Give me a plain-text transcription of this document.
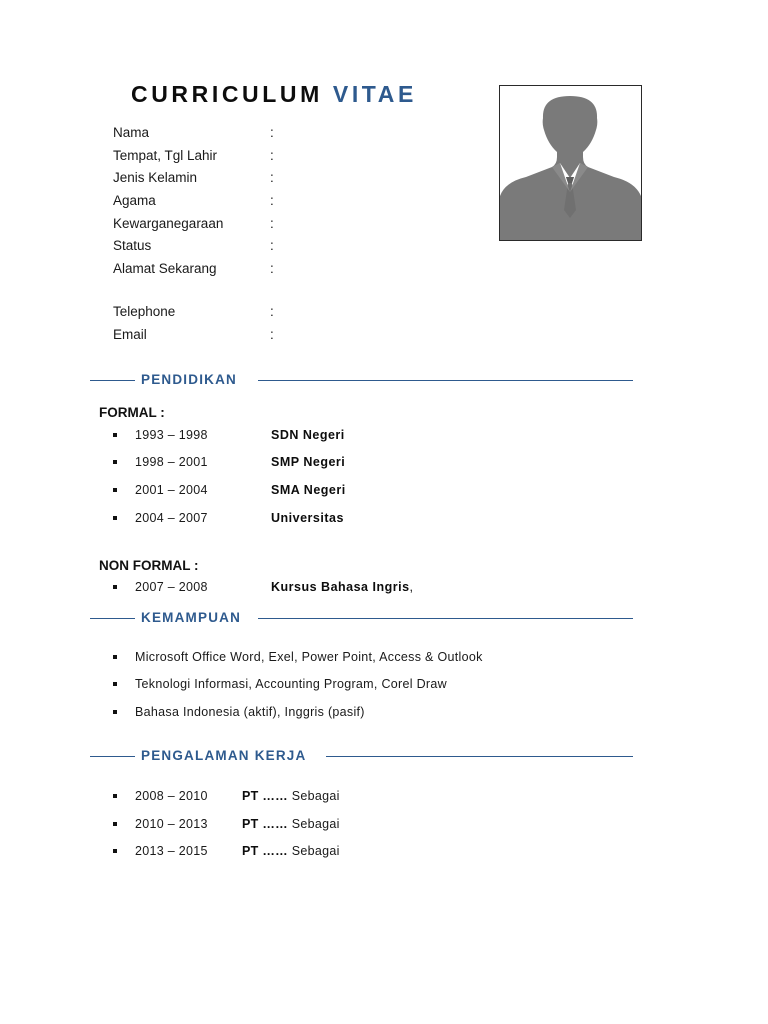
CURRICULUM VITAE
Nama	:
Tempat, Tgl Lahir	:
Jenis Kelamin	:
Agama	:
Kewarganegaraan	:
Status	:
Alamat Sekarang	:
Telephone	:
Email	:
PENDIDIKAN
FORMAL :
1993 – 1998	SDN Negeri
1998 – 2001	SMP Negeri
2001 – 2004	SMA Negeri
2004 – 2007	Universitas
NON FORMAL :
2007 – 2008	Kursus Bahasa Ingris,
KEMAMPUAN
Microsoft Office Word, Exel, Power Point, Access & Outlook
Teknologi Informasi, Accounting Program, Corel Draw
Bahasa Indonesia (aktif), Inggris (pasif)
PENGALAMAN KERJA
2008 – 2010	PT …… Sebagai
2010 – 2013	PT …… Sebagai
2013 – 2015	PT …… Sebagai
